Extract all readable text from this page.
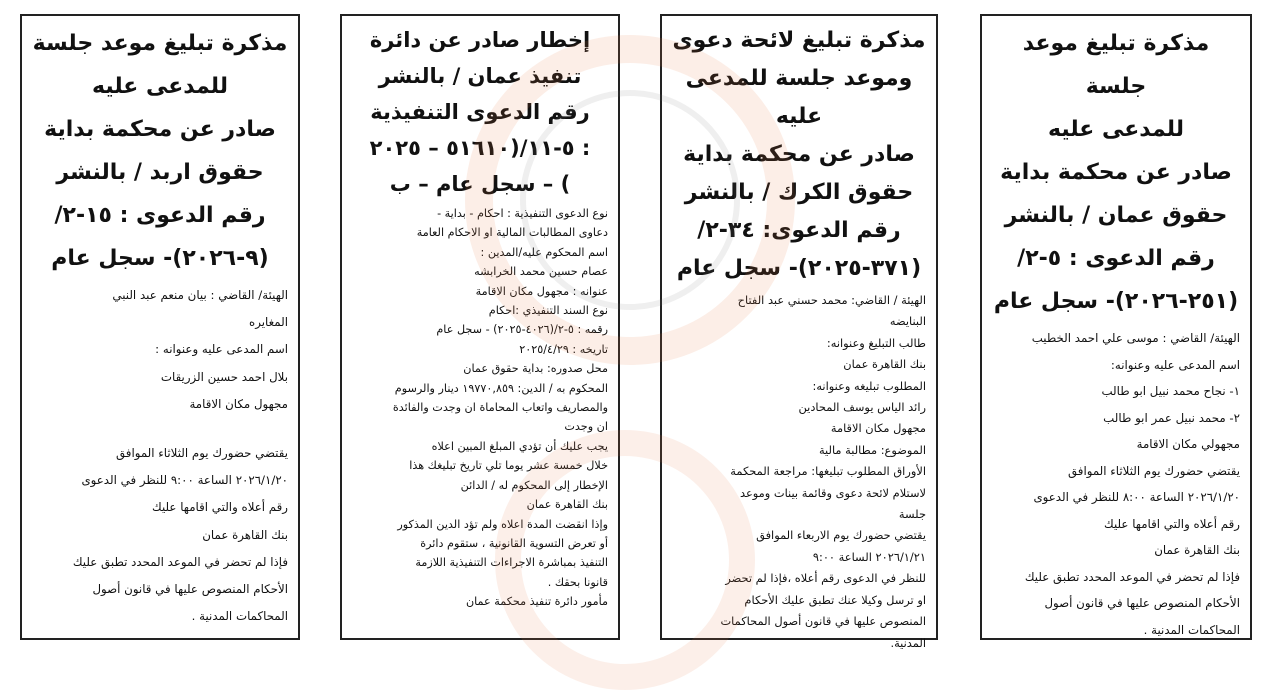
مذكرة تبليغ موعد جلسة
للمدعى عليه
صادر عن محكمة بداية
حقوق عمان / بالنشر
رقم الدعوى : ٥-٢/
(٢٥١-٢٠٢٦)- سجل عام
الهيئة/ القاضي : موسى علي احمد الخطيب
اسم المدعى عليه وعنوانه:
١- نجاح محمد نبيل ابو طالب
٢- محمد نبيل عمر ابو طالب
مجهولي مكان الاقامة
يقتضي حضورك يوم الثلاثاء الموافق
٢٠٢٦/١/٢٠ الساعة ٨:٠٠ للنظر في الدعوى
رقم أعلاه والتي اقامها عليك
بنك القاهرة عمان
فإذا لم تحضر في الموعد المحدد تطبق عليك
الأحكام المنصوص عليها في قانون أصول
المحاكمات المدنية .
مذكرة تبليغ لائحة دعوى
وموعد جلسة للمدعى
عليه
صادر عن محكمة بداية
حقوق الكرك / بالنشر
رقم الدعوى: ٣٤-٢/
(٣٧١-٢٠٢٥)- سجل عام
الهيئة / القاضي: محمد حسني عبد الفتاح
البنايضه
طالب التبليغ وعنوانه:
بنك القاهرة عمان
المطلوب تبليغه وعنوانه:
رائد الياس يوسف المحادين
مجهول مكان الاقامة
الموضوع: مطالبة مالية
الأوراق المطلوب تبليغها: مراجعة المحكمة
لاستلام لائحة دعوى وقائمة بينات وموعد
جلسة
يقتضي حضورك يوم الاربعاء الموافق
٢٠٢٦/١/٢١ الساعة ٩:٠٠
للنظر في الدعوى رقم أعلاه ،فإذا لم تحضر
او ترسل وكيلا عنك تطبق عليك الأحكام
المنصوص عليها في قانون أصول المحاكمات
المدنية.
إخطار صادر عن دائرة
تنفيذ عمان / بالنشر
رقم الدعوى التنفيذية
: ٥-١١/(٥١٦١٠ – ٢٠٢٥
) – سجل عام – ب
نوع الدعوى التنفيذية : احكام - بداية -
دعاوى المطالبات المالية او الاحكام العامة
اسم المحكوم عليه/المدين :
عصام حسين محمد الخرابشه
عنوانه : مجهول مكان الاقامة
نوع السند التنفيذي :احكام
رقمه : ٥-٢/(٤٠٢٦-٢٠٢٥) - سجل عام
تاريخه : ٢٠٢٥/٤/٢٩
محل صدوره: بداية حقوق عمان
المحكوم به / الدين: ١٩٧٧٠,٨٥٩ دينار والرسوم
والمصاريف واتعاب المحاماة ان وجدت والفائدة
ان وجدت
يجب عليك أن تؤدي المبلغ المبين اعلاه
خلال خمسة عشر يوما تلي تاريخ تبليغك هذا
الإخطار إلى المحكوم له / الدائن
بنك القاهرة عمان
وإذا انقضت المدة اعلاه ولم تؤد الدين المذكور
أو تعرض التسوية القانونية ، ستقوم دائرة
التنفيذ بمباشرة الاجراءات التنفيذية اللازمة
قانونا بحقك .
مأمور دائرة تنفيذ محكمة عمان
مذكرة تبليغ موعد جلسة
للمدعى عليه
صادر عن محكمة بداية
حقوق اربد / بالنشر
رقم الدعوى : ١٥-٢/
(٩-٢٠٢٦)- سجل عام
الهيئة/ القاضي : بيان منعم عبد النبي
المغايره
اسم المدعى عليه وعنوانه :
بلال احمد حسين الزريقات
مجهول مكان الاقامة
يقتضي حضورك يوم الثلاثاء الموافق
٢٠٢٦/١/٢٠ الساعة ٩:٠٠ للنظر في الدعوى
رقم أعلاه والتي اقامها عليك
بنك القاهرة عمان
فإذا لم تحضر في الموعد المحدد تطبق عليك
الأحكام المنصوص عليها في قانون أصول
المحاكمات المدنية .
